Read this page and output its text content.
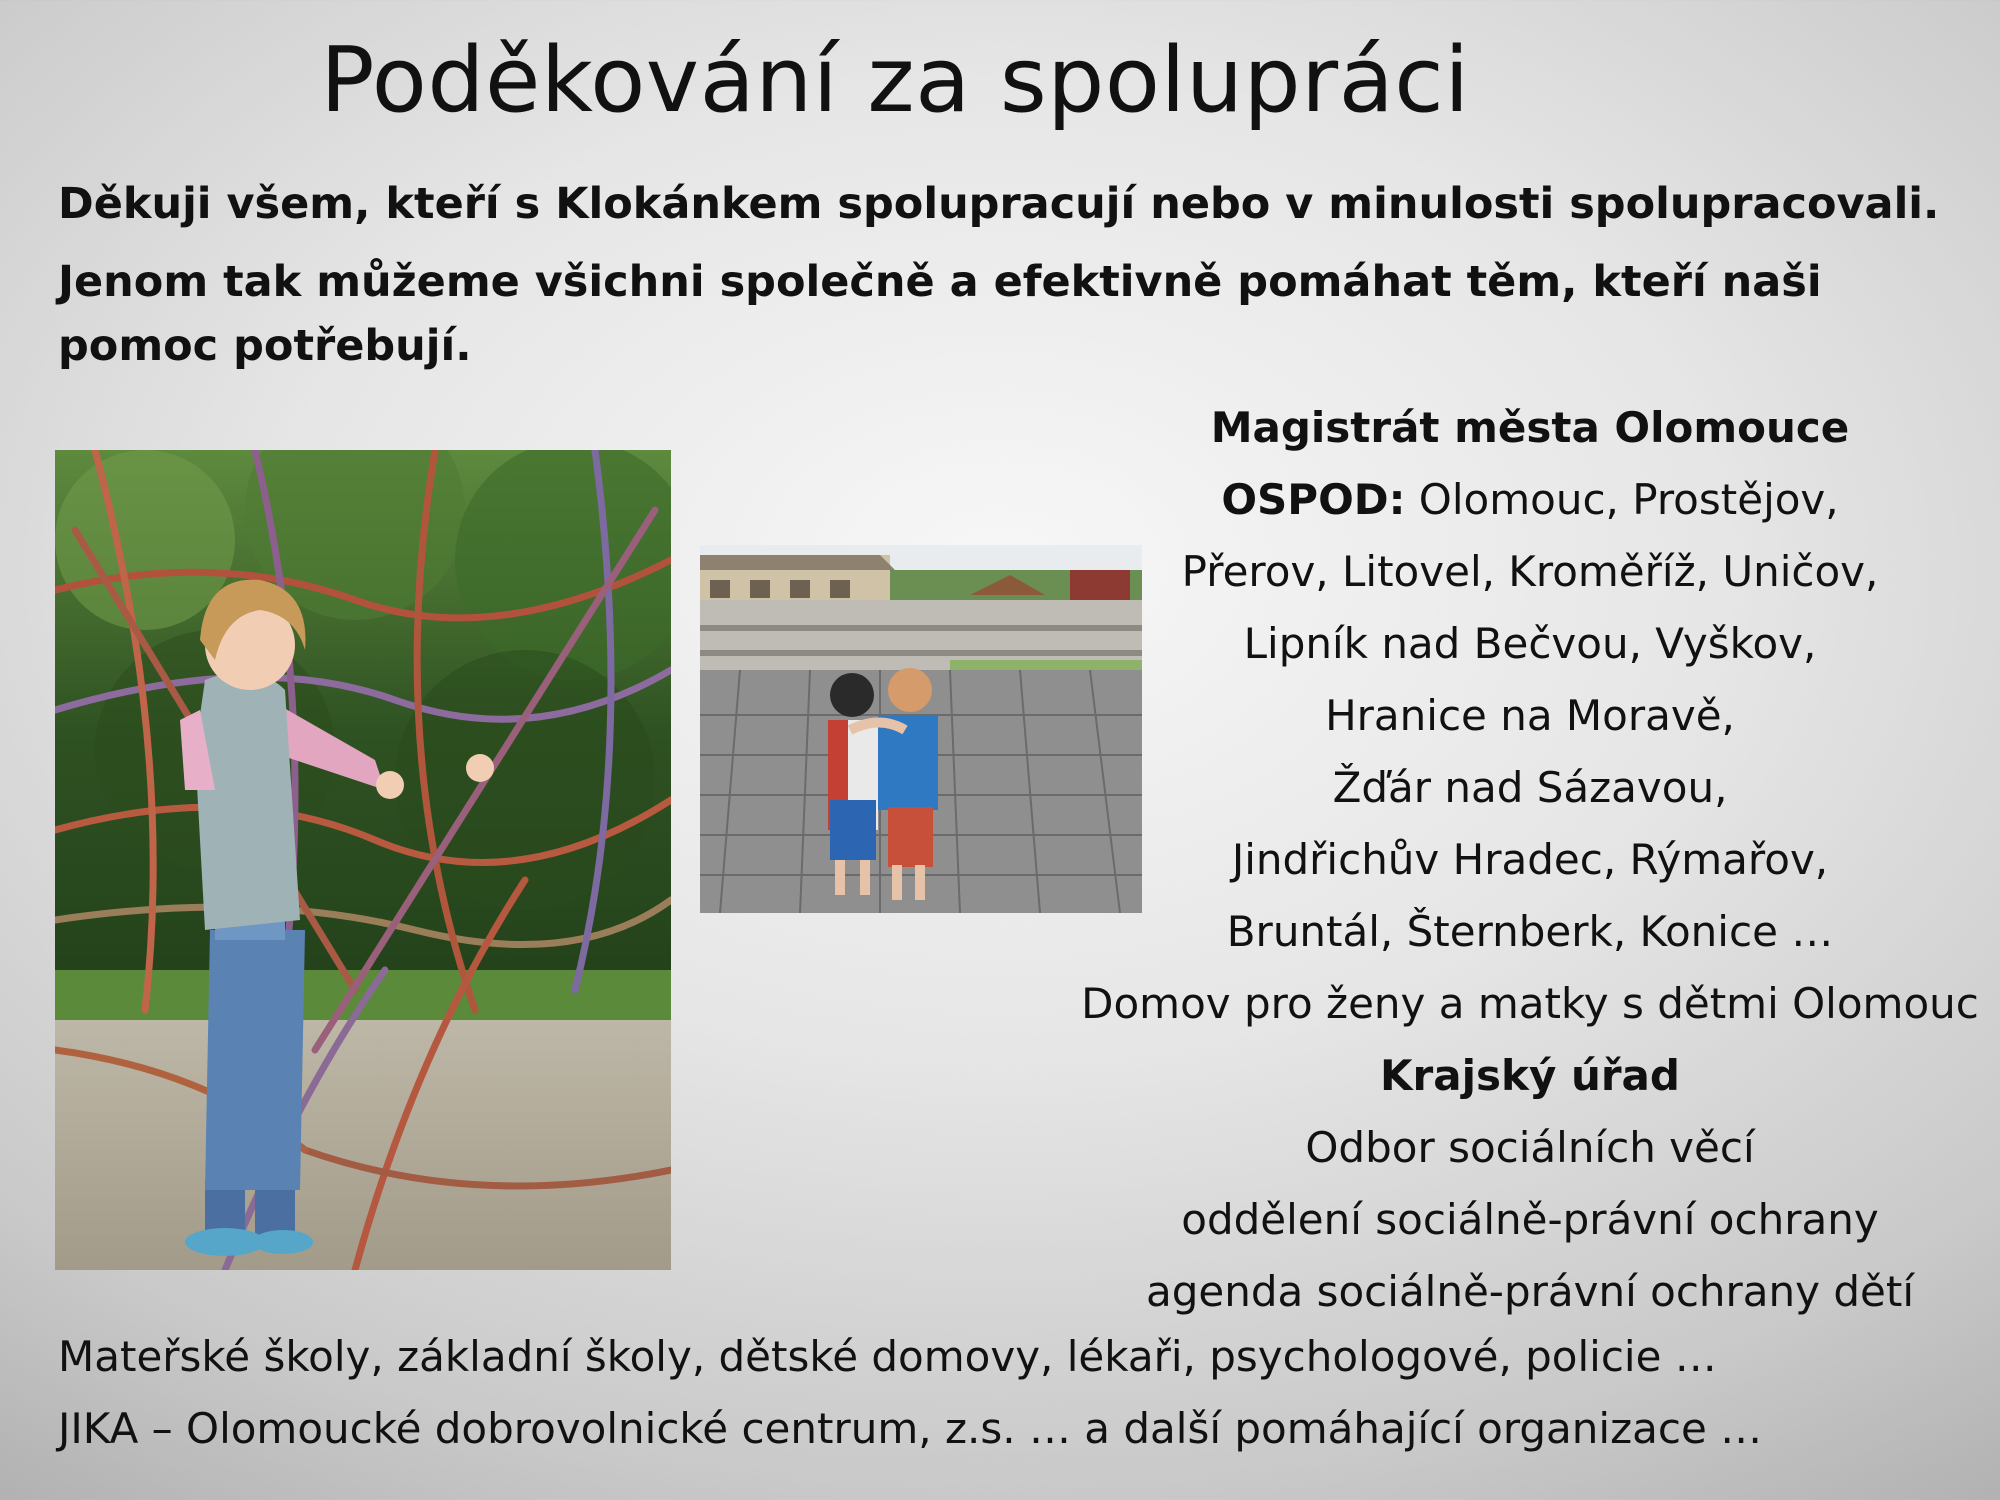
Poděkování za spolupráci
Děkuji všem, kteří s Klokánkem spolupracují nebo v minulosti spolupracovali.
Jenom tak můžeme všichni společně a efektivně pomáhat těm, kteří naši pomoc potřebují.
Magistrát města Olomouce
OSPOD: Olomouc, Prostějov,
Přerov, Litovel, Kroměříž, Uničov,
Lipník nad Bečvou, Vyškov,
Hranice na Moravě,
Žďár nad Sázavou,
Jindřichův Hradec, Rýmařov,
Bruntál, Šternberk, Konice …
Domov pro ženy a matky s dětmi Olomouc
Krajský úřad
Odbor sociálních věcí
oddělení sociálně-právní ochrany
agenda sociálně-právní ochrany dětí
Mateřské školy, základní školy, dětské domovy, lékaři, psychologové, policie …
JIKA – Olomoucké dobrovolnické centrum, z.s. … a další pomáhající organizace …
